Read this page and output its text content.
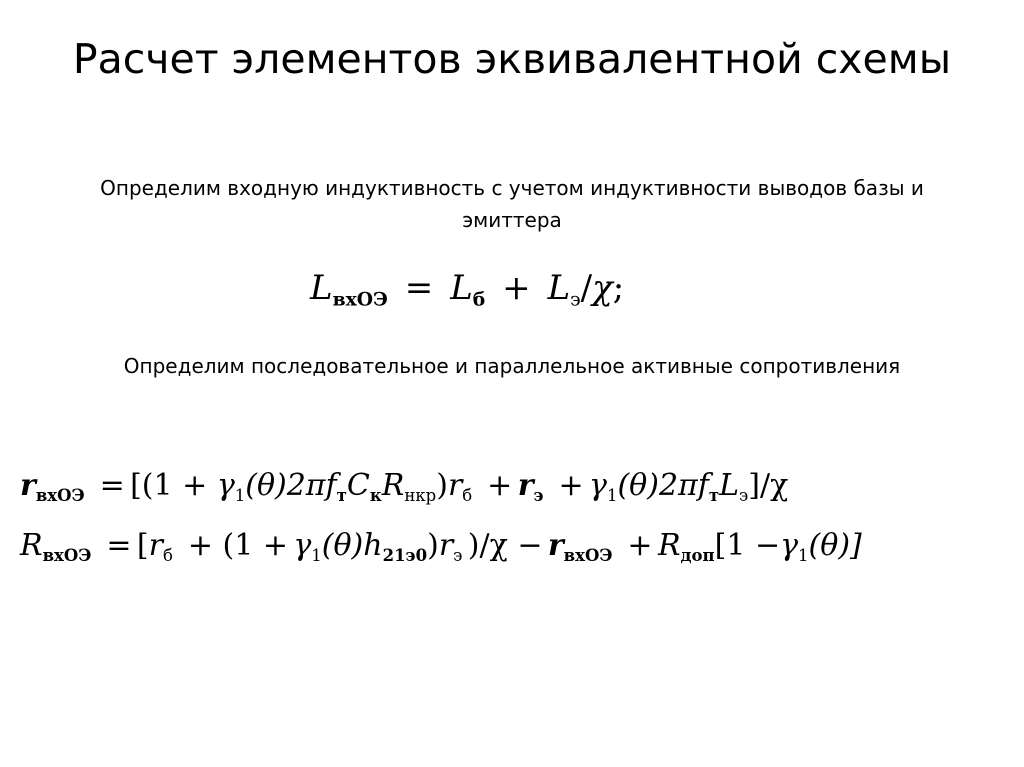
Расчет элементов эквивалентной схемы
Определим входную индуктивность с учетом индуктивности выводов базы и эмиттера
LвхОЭ = Lб + $L_э/\chi$;
Определим последовательное и параллельное активные сопротивления
rвхОЭ = [$(1 + \gamma_1(\theta)2\pi fтCкR_{нкр})r_б$ + rэ + $\gamma_1(\theta)2\pi fтL_э]/\chi$
RвхОЭ = [$r_б + (1 + \gamma_1(\theta)h21э0)r_э$ )/χ − rвхОЭ + Rдоп[1 $-\gamma_1(\theta)$]
